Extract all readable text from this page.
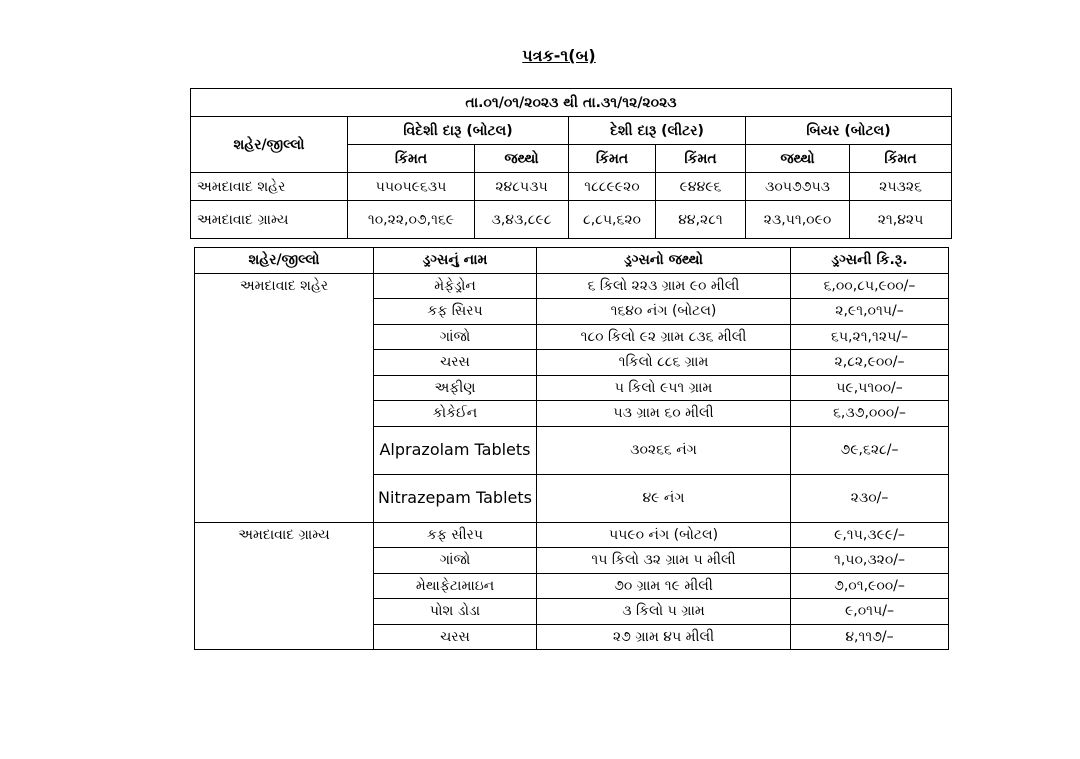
પત્રક-૧(બ)
તા.૦૧/૦૧/૨૦૨૩ થી તા.૩૧/૧૨/૨૦૨૩						
શહેર/જીલ્લો	વિદેશી દારૂ (બોટલ)		દેશી દારૂ (લીટર)		બિયર (બોટલ)	
	કિંમત	જથ્થો	કિંમત	કિંમત	જથ્થો	કિંમત
અમદાવાદ શહેર	૫૫૦૫૯૬૩૫	૨૪૮૫૩૫	૧૮૮૯૯૨૦	૯૪૪૯૬	૩૦૫૭૭૫૩	૨૫૩૨૬
અમદાવાદ ગ્રામ્ય	૧૦,૨૨,૦૭,૧૬૯	૩,૪૩,૮૯૮	૮,૮૫,૬૨૦	૪૪,૨૮૧	૨૩,૫૧,૦૯૦	૨૧,૪૨૫
શહેર/જીલ્લો	ડ્રગ્સનું નામ	ડ્રગ્સનો જથ્થો	ડ્રગ્સની કિ.રૂ.
અમદાવાદ શહેર	મેફેડ્રોન	૬ કિલો ૨૨૩ ગ્રામ ૯૦ મીલી	૬,૦૦,૮૫,૯૦૦/–
	કફ સિરપ	૧૬૪૦ નંગ (બોટલ)	૨,૯૧,૦૧૫/–
	ગાંજો	૧૮૦ કિલો ૯૨ ગ્રામ ૮૩૬ મીલી	૬૫,૨૧,૧૨૫/–
	ચરસ	૧કિલો ૮૮૬ ગ્રામ	૨,૮૨,૯૦૦/–
	અફીણ	૫ કિલો ૯૫૧ ગ્રામ	૫૯,૫૧૦૦/–
	કોકેઈન	૫૩ ગ્રામ ૬૦ મીલી	૬,૩૭,૦૦૦/–
	Alprazolam Tablets	૩૦૨૬૬ નંગ	૭૯,૬૨૮/–
	Nitrazepam Tablets	૪૯ નંગ	૨૩૦/–
અમદાવાદ ગ્રામ્ય	કફ સીરપ	૫૫૯૦ નંગ (બોટલ)	૯,૧૫,૩૯૯/–
	ગાંજો	૧૫ કિલો ૩૨ ગ્રામ ૫ મીલી	૧,૫૦,૩૨૦/–
	મેથાફેટામાઇન	૭૦ ગ્રામ ૧૯ મીલી	૭,૦૧,૯૦૦/–
	પોશ ડોડા	૩ કિલો ૫ ગ્રામ	૯,૦૧૫/–
	ચરસ	૨૭ ગ્રામ ૪૫ મીલી	૪,૧૧૭/–
